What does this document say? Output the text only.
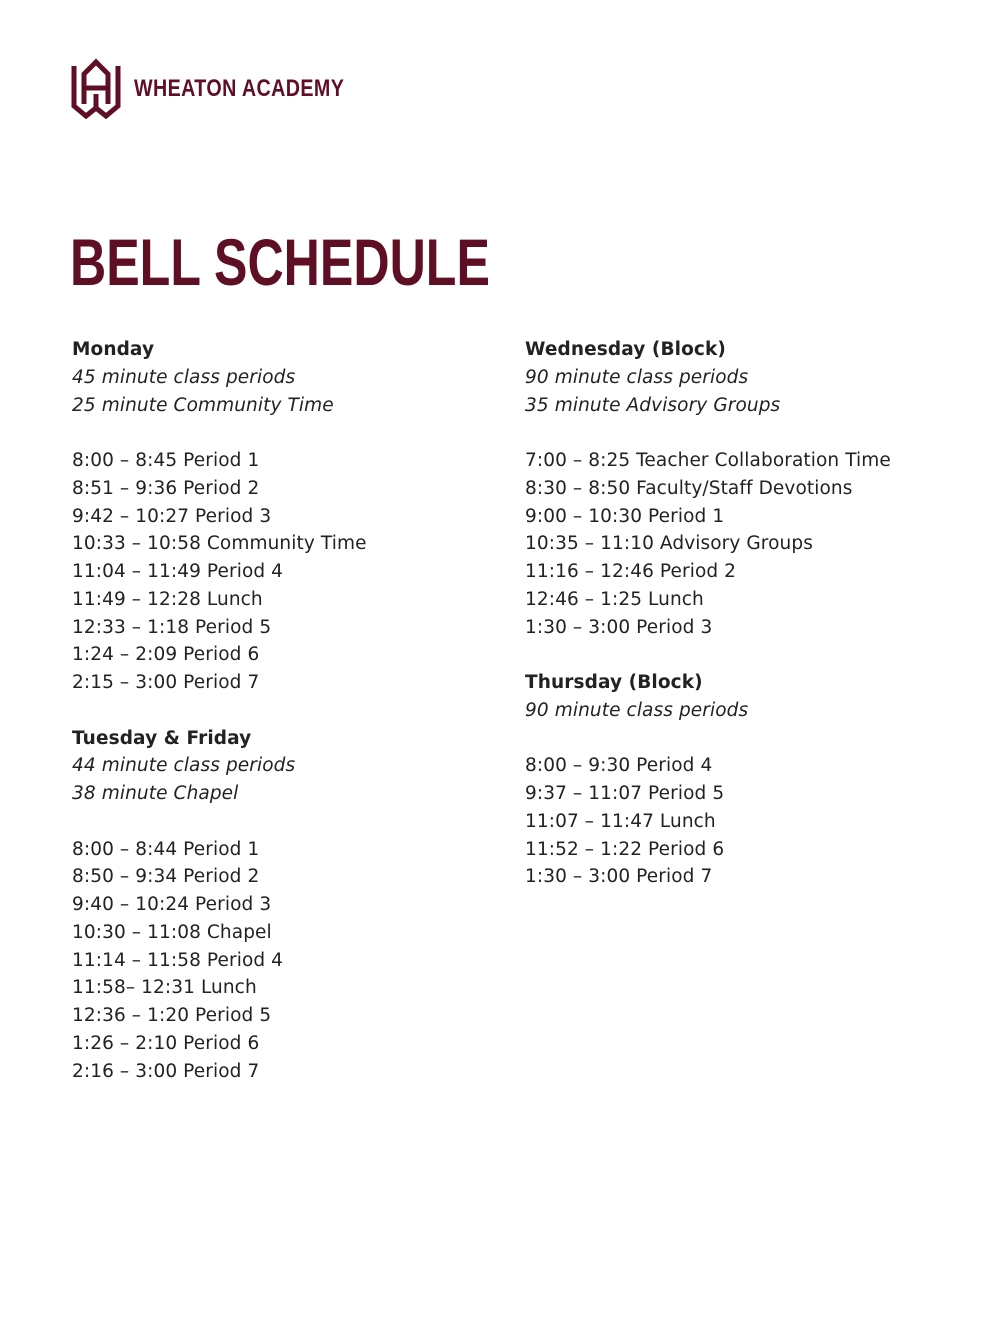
WHEATON ACADEMY
BELL SCHEDULE
Monday
45 minute class periods
25 minute Community Time
8:00 – 8:45 Period 1
8:51 – 9:36 Period 2
9:42 – 10:27 Period 3
10:33 – 10:58 Community Time
11:04 – 11:49 Period 4
11:49 – 12:28 Lunch
12:33 – 1:18 Period 5
1:24 – 2:09 Period 6
2:15 – 3:00 Period 7
Tuesday & Friday
44 minute class periods
38 minute Chapel
8:00 – 8:44 Period 1
8:50 – 9:34 Period 2
9:40 – 10:24 Period 3
10:30 – 11:08 Chapel
11:14 – 11:58 Period 4
11:58– 12:31 Lunch
12:36 – 1:20 Period 5
1:26 – 2:10 Period 6
2:16 – 3:00 Period 7
Wednesday (Block)
90 minute class periods
35 minute Advisory Groups
7:00 – 8:25 Teacher Collaboration Time
8:30 – 8:50 Faculty/Staff Devotions
9:00 – 10:30 Period 1
10:35 – 11:10 Advisory Groups
11:16 – 12:46 Period 2
12:46 – 1:25 Lunch
1:30 – 3:00 Period 3
Thursday (Block)
90 minute class periods
8:00 – 9:30 Period 4
9:37 – 11:07 Period 5
11:07 – 11:47 Lunch
11:52 – 1:22 Period 6
1:30 – 3:00 Period 7
